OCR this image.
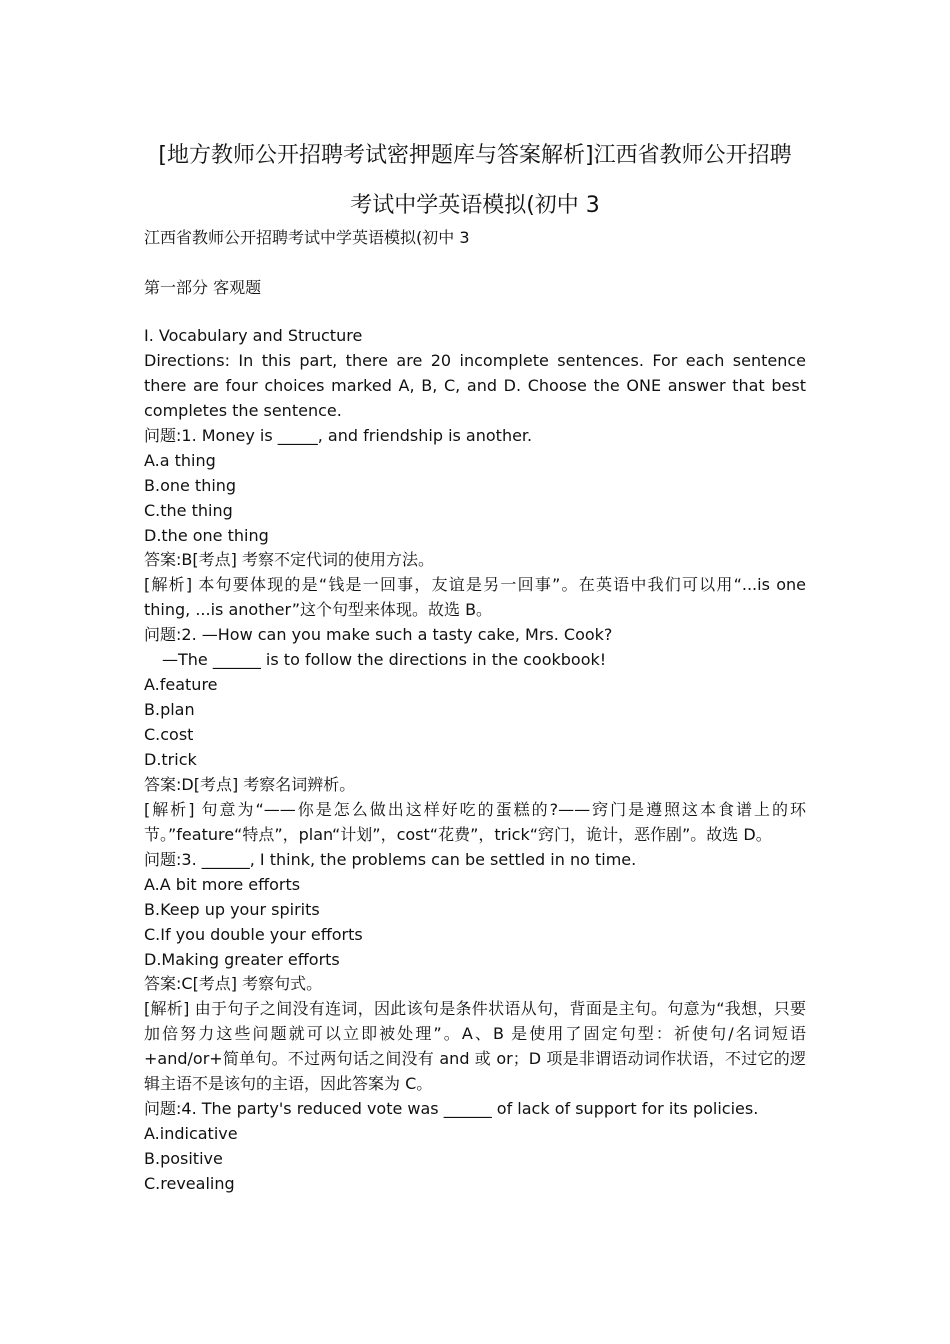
[地方教师公开招聘考试密押题库与答案解析]江西省教师公开招聘
考试中学英语模拟(初中 3
江西省教师公开招聘考试中学英语模拟(初中 3
第一部分 客观题
Ⅰ. Vocabulary and Structure
Directions: In this part, there are 20 incomplete sentences. For each sentence there are four choices marked A, B, C, and D. Choose the ONE answer that best completes the sentence.
问题:1. Money is _____, and friendship is another.
A.a thing
B.one thing
C.the thing
D.the one thing
答案:B[考点] 考察不定代词的使用方法。
[解析] 本句要体现的是“钱是一回事，友谊是另一回事”。在英语中我们可以用“...is one thing, ...is another”这个句型来体现。故选 B。
问题:2. —How can you make such a tasty cake, Mrs. Cook?
—The ______ is to follow the directions in the cookbook!
A.feature
B.plan
C.cost
D.trick
答案:D[考点] 考察名词辨析。
[解析] 句意为“——你是怎么做出这样好吃的蛋糕的?——窍门是遵照这本食谱上的环节。”feature“特点”，plan“计划”，cost“花费”，trick“窍门，诡计，恶作剧”。故选 D。
问题:3. ______, I think, the problems can be settled in no time.
A.A bit more efforts
B.Keep up your spirits
C.If you double your efforts
D.Making greater efforts
答案:C[考点] 考察句式。
[解析] 由于句子之间没有连词，因此该句是条件状语从句，背面是主句。句意为“我想，只要加倍努力这些问题就可以立即被处理”。A、B 是使用了固定句型：祈使句/名词短语+and/or+简单句。不过两句话之间没有 and 或 or；D 项是非谓语动词作状语，不过它的逻辑主语不是该句的主语，因此答案为 C。
问题:4. The party's reduced vote was ______ of lack of support for its policies.
A.indicative
B.positive
C.revealing
